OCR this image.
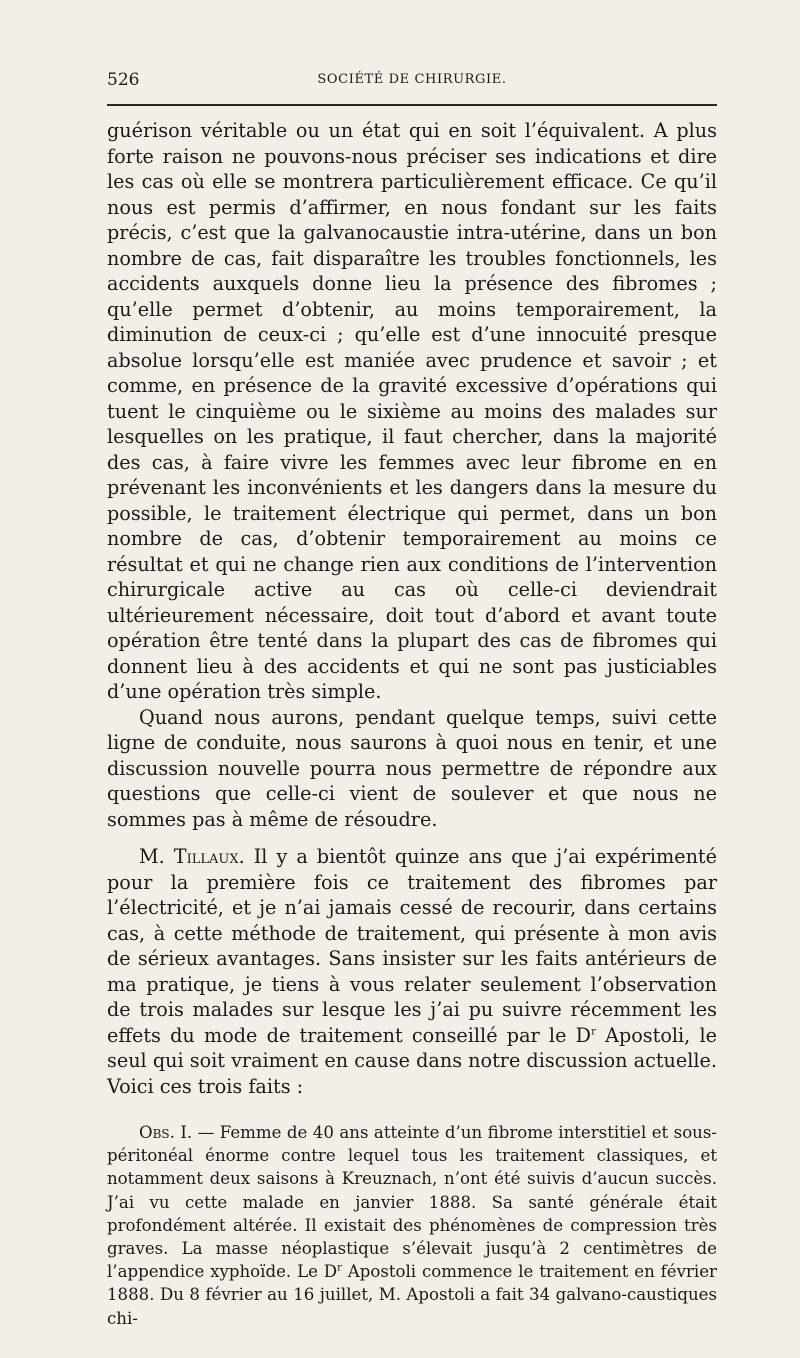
526	SOCIÉTÉ DE CHIRURGIE.

guérison véritable ou un état qui en soit l’équivalent. A plus forte raison ne pouvons-nous préciser ses indications et dire les cas où elle se montrera particulièrement efficace. Ce qu’il nous est permis d’affirmer, en nous fondant sur les faits précis, c’est que la galvanocaustie intra-utérine, dans un bon nombre de cas, fait disparaître les troubles fonctionnels, les accidents auxquels donne lieu la présence des fibromes ; qu’elle permet d’obtenir, au moins temporairement, la diminution de ceux-ci ; qu’elle est d’une innocuité presque absolue lorsqu’elle est maniée avec prudence et savoir ; et comme, en présence de la gravité excessive d’opérations qui tuent le cinquième ou le sixième au moins des malades sur lesquelles on les pratique, il faut chercher, dans la majorité des cas, à faire vivre les femmes avec leur fibrome en en prévenant les inconvénients et les dangers dans la mesure du possible, le traitement électrique qui permet, dans un bon nombre de cas, d’obtenir temporairement au moins ce résultat et qui ne change rien aux conditions de l’intervention chirurgicale active au cas où celle-ci deviendrait ultérieurement nécessaire, doit tout d’abord et avant toute opération être tenté dans la plupart des cas de fibromes qui donnent lieu à des accidents et qui ne sont pas justiciables d’une opération très simple.

Quand nous aurons, pendant quelque temps, suivi cette ligne de conduite, nous saurons à quoi nous en tenir, et une discussion nouvelle pourra nous permettre de répondre aux questions que celle-ci vient de soulever et que nous ne sommes pas à même de résoudre.

M. Tillaux. Il y a bientôt quinze ans que j’ai expérimenté pour la première fois ce traitement des fibromes par l’électricité, et je n’ai jamais cessé de recourir, dans certains cas, à cette méthode de traitement, qui présente à mon avis de sérieux avantages. Sans insister sur les faits antérieurs de ma pratique, je tiens à vous relater seulement l’observation de trois malades sur lesque les j’ai pu suivre récemment les effets du mode de traitement conseillé par le $D^r$ Apostoli, le seul qui soit vraiment en cause dans notre discussion actuelle. Voici ces trois faits :

Obs. I. — Femme de 40 ans atteinte d’un fibrome interstitiel et sous-péritonéal énorme contre lequel tous les traitement classiques, et notamment deux saisons à Kreuznach, n’ont été suivis d’aucun succès. J’ai vu cette malade en janvier 1888. Sa santé générale était profondément altérée. Il existait des phénomènes de compression très graves. La masse néoplastique s’élevait jusqu’à 2 centimètres de l’appendice xyphoïde. Le $D^r$ Apostoli commence le traitement en février 1888. Du 8 février au 16 juillet, M. Apostoli a fait 34 galvano-caustiques chi-
